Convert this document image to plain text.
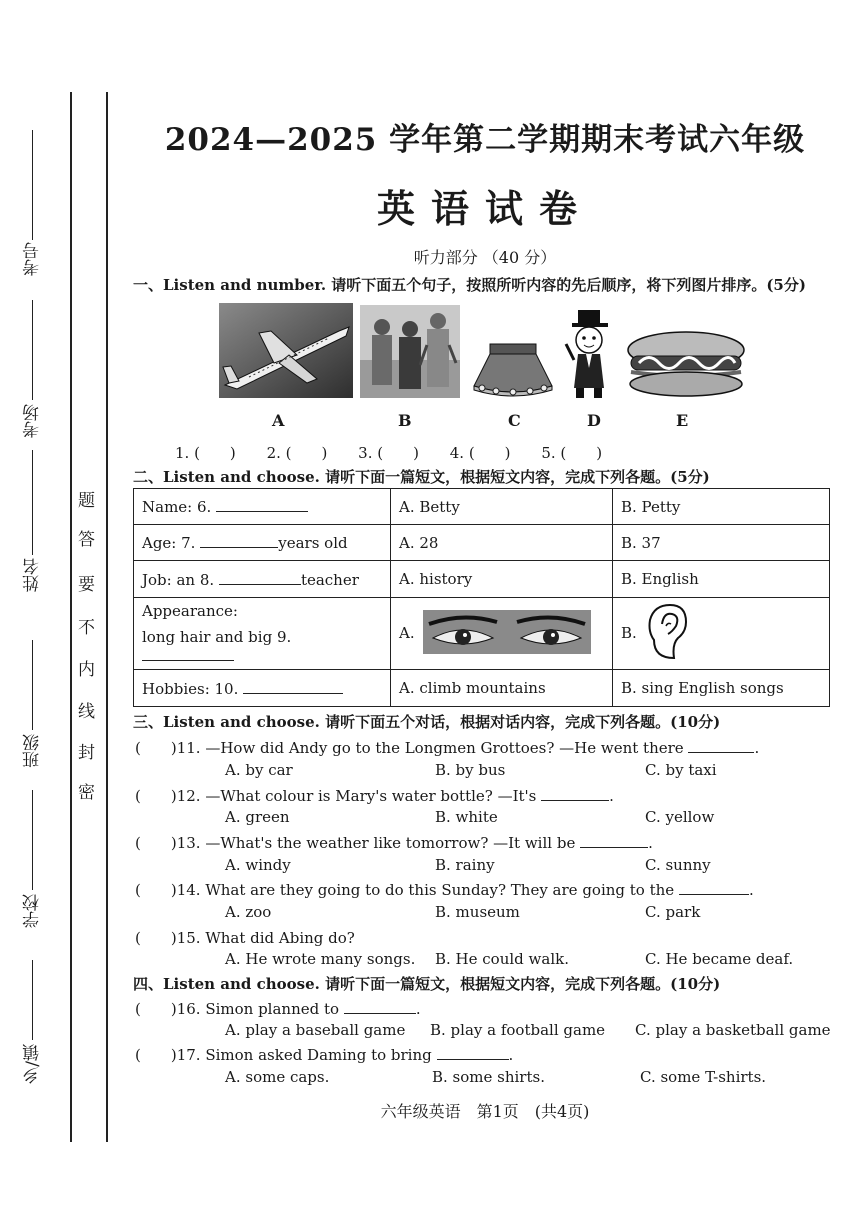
考号
考场
姓名
班级
学校
乡/镇
题
答
要
不
内
线
封
密
2024—2025 学年第二学期期末考试六年级
英语试卷
听力部分 （40 分）
一、Listen and number. 请听下面五个句子，按照所听内容的先后顺序，将下列图片排序。(5分)
A	B	C	D	E
1. (　　) 2. (　　) 3. (　　) 4. (　　) 5. (　　)
二、Listen and choose. 请听下面一篇短文，根据短文内容，完成下列各题。(5分)
Name: 6.	A. Betty	B. Petty
Age: 7. years old	A. 28	B. 37
Job: an 8. teacher	A. history	B. English

Appearance:
long hair and big 9.	A.	B.
Hobbies: 10.	A. climb mountains	B. sing English songs
三、Listen and choose. 请听下面五个对话，根据对话内容，完成下列各题。(10分)
(　　)11. —How did Andy go to the Longmen Grottoes? —He went there	.
A. by car	B. by bus	C. by taxi
(　　)12. —What colour is Mary's water bottle? —It's	.
A. green	B. white	C. yellow
(　　)13. —What's the weather like tomorrow? —It will be	.
A. windy	B. rainy	C. sunny
(　　)14. What are they going to do this Sunday? They are going to the	.
A. zoo	B. museum	C. park
(　　)15. What did Abing do?
A. He wrote many songs. B. He could walk.	C. He became deaf.
四、Listen and choose. 请听下面一篇短文，根据短文内容，完成下列各题。(10分)
(　　)16. Simon planned to	.
A. play a baseball game B. play a football game C. play a basketball game
(　　)17. Simon asked Daming to bring	.
A. some caps.	B. some shirts.	C. some T-shirts.
六年级英语　第1页　(共4页)
